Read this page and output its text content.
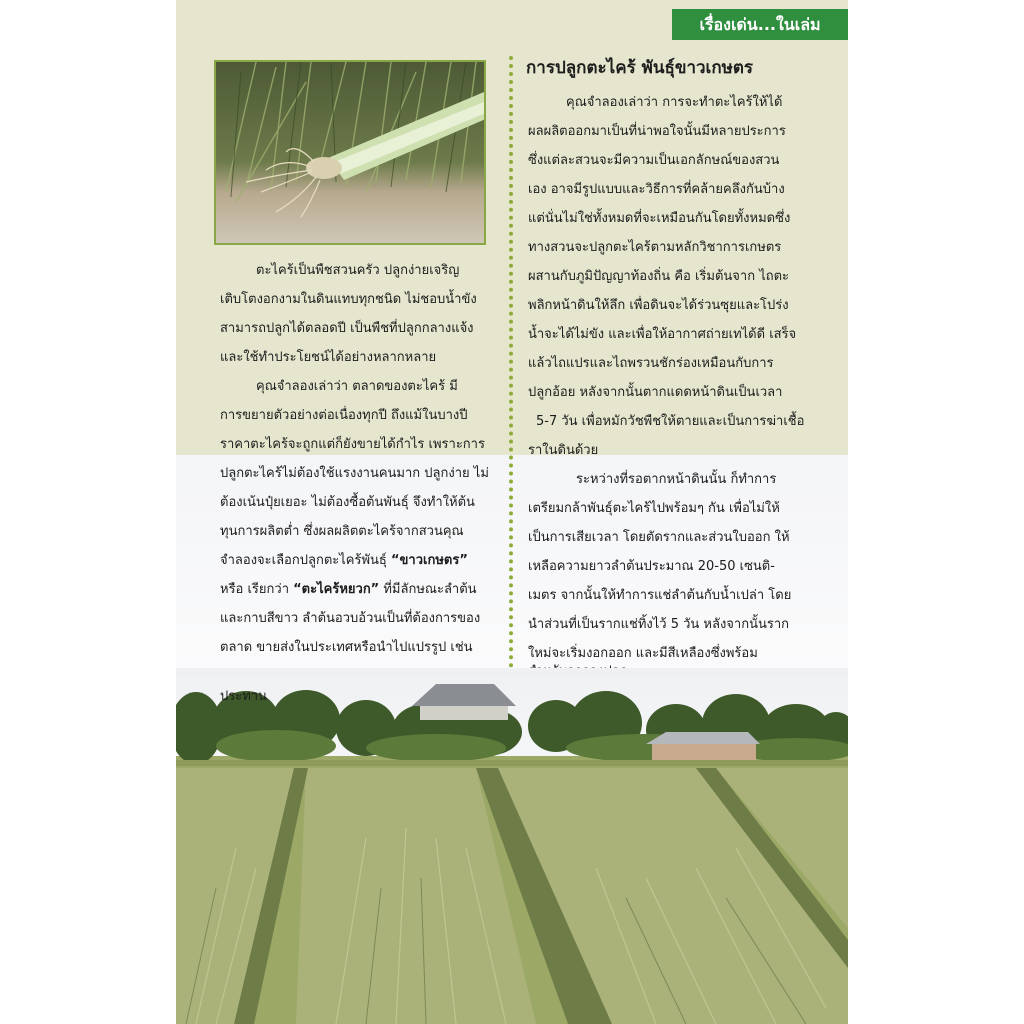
เรื่องเด่น...ในเล่ม
การปลูกตะไคร้ พันธุ์ขาวเกษตร
ตะไคร้เป็นพืชสวนครัว ปลูกง่ายเจริญ
เติบโตงอกงามในดินแทบทุกชนิด ไม่ชอบน้ำขัง
สามารถปลูกได้ตลอดปี เป็นพืชที่ปลูกกลางแจ้ง
และใช้ทำประโยชน์ได้อย่างหลากหลาย
คุณจำลองเล่าว่า ตลาดของตะไคร้ มี
การขยายตัวอย่างต่อเนื่องทุกปี ถึงแม้ในบางปี
ราคาตะไคร้จะถูกแต่ก็ยังขายได้กำไร เพราะการ
ปลูกตะไคร้ไม่ต้องใช้แรงงานคนมาก ปลูกง่าย ไม่
ต้องเน้นปุ๋ยเยอะ ไม่ต้องซื้อต้นพันธุ์ จึงทำให้ต้น
ทุนการผลิตต่ำ ซึ่งผลผลิตตะไคร้จากสวนคุณ
จำลองจะเลือกปลูกตะไคร้พันธุ์ “ขาวเกษตร”
หรือ เรียกว่า “ตะไคร้หยวก” ที่มีลักษณะลำต้น
และกาบสีขาว ลำต้นอวบอ้วนเป็นที่ต้องการของ
ตลาด ขายส่งในประเทศหรือนำไปแปรรูป เช่น
ประทาน
คุณจำลองเล่าว่า การจะทำตะไคร้ให้ได้
ผลผลิตออกมาเป็นที่น่าพอใจนั้นมีหลายประการ
ซึ่งแต่ละสวนจะมีความเป็นเอกลักษณ์ของสวน
เอง อาจมีรูปแบบและวิธีการที่คล้ายคลึงกันบ้าง
แต่นั่นไม่ใช่ทั้งหมดที่จะเหมือนกันโดยทั้งหมดซึ่ง
ทางสวนจะปลูกตะไคร้ตามหลักวิชาการเกษตร
ผสานกับภูมิปัญญาท้องถิ่น คือ เริ่มต้นจาก ไถตะ
พลิกหน้าดินให้ลึก เพื่อดินจะได้ร่วนซุยและโปร่ง
น้ำจะได้ไม่ขัง และเพื่อให้อากาศถ่ายเทได้ดี เสร็จ
แล้วไถแปรและไถพรวนชักร่องเหมือนกับการ
ปลูกอ้อย หลังจากนั้นตากแดดหน้าดินเป็นเวลา
5-7 วัน เพื่อหมักวัชพืชให้ตายและเป็นการฆ่าเชื้อ
ราในดินด้วย
ระหว่างที่รอตากหน้าดินนั้น ก็ทำการ
เตรียมกล้าพันธุ์ตะไคร้ไปพร้อมๆ กัน เพื่อไม่ให้
เป็นการเสียเวลา โดยตัดรากและส่วนใบออก ให้
เหลือความยาวลำต้นประมาณ 20-50 เซนติ-
เมตร จากนั้นให้ทำการแช่ลำต้นกับน้ำเปล่า โดย
นำส่วนที่เป็นรากแช่ทิ้งไว้ 5 วัน หลังจากนั้นราก
ใหม่จะเริ่มงอกออก และมีสีเหลืองซึ่งพร้อม
